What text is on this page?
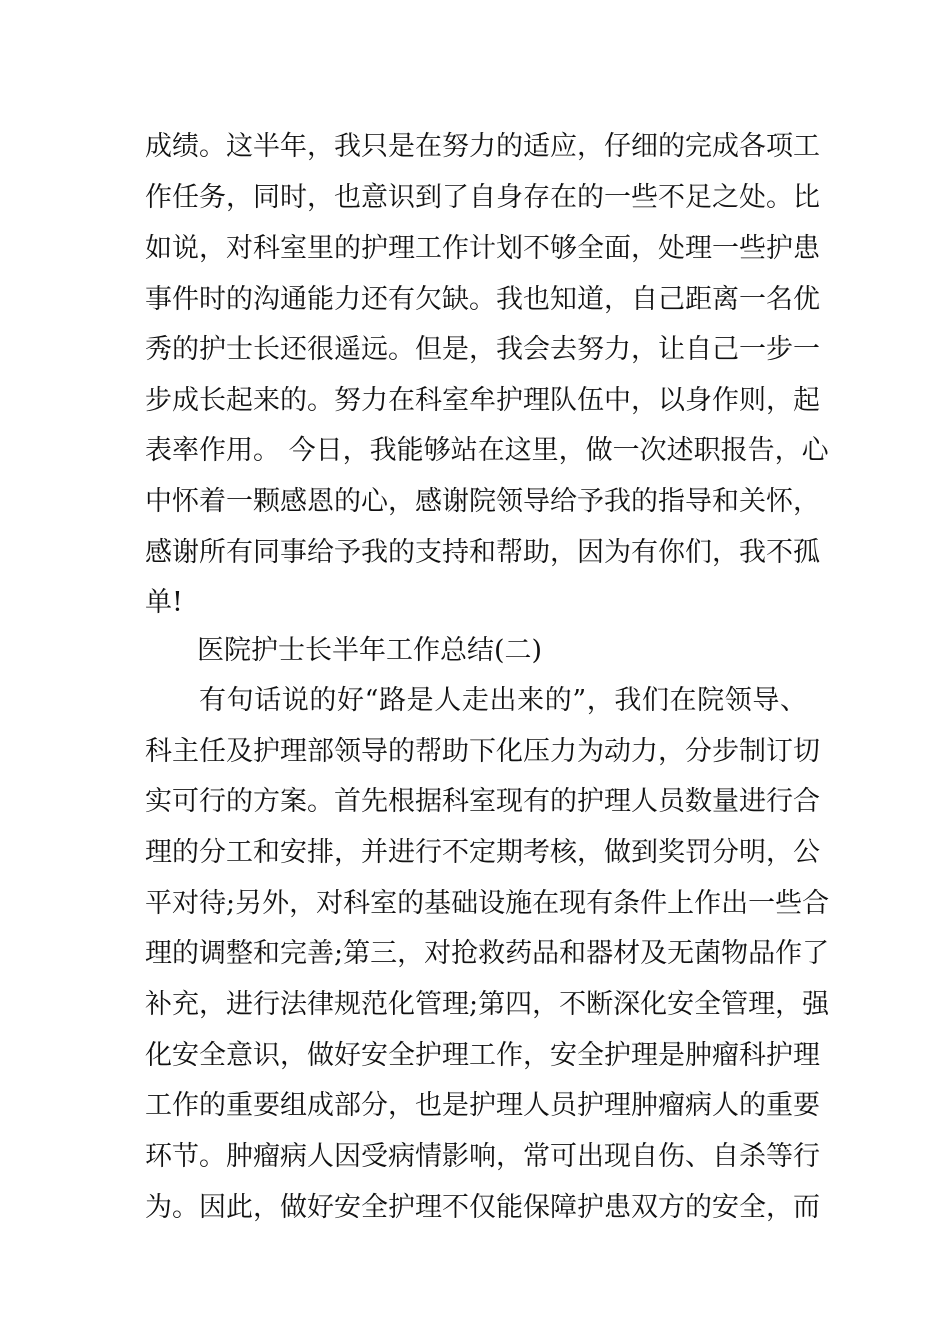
成绩。这半年，我只是在努力的适应，仔细的完成各项工
作任务，同时，也意识到了自身存在的一些不足之处。比
如说，对科室里的护理工作计划不够全面，处理一些护患
事件时的沟通能力还有欠缺。我也知道，自己距离一名优
秀的护士长还很遥远。但是，我会去努力，让自己一步一
步成长起来的。努力在科室牟护理队伍中，以身作则，起
表率作用。 今日，我能够站在这里，做一次述职报告，心
中怀着一颗感恩的心，感谢院领导给予我的指导和关怀，
感谢所有同事给予我的支持和帮助，因为有你们，我不孤
单!
医院护士长半年工作总结(二)
有句话说的好“路是人走出来的”，我们在院领导、
科主任及护理部领导的帮助下化压力为动力，分步制订切
实可行的方案。首先根据科室现有的护理人员数量进行合
理的分工和安排，并进行不定期考核，做到奖罚分明，公
平对待;另外，对科室的基础设施在现有条件上作出一些合
理的调整和完善;第三，对抢救药品和器材及无菌物品作了
补充，进行法律规范化管理;第四，不断深化安全管理，强
化安全意识，做好安全护理工作，安全护理是肿瘤科护理
工作的重要组成部分，也是护理人员护理肿瘤病人的重要
环节。肿瘤病人因受病情影响，常可出现自伤、自杀等行
为。因此，做好安全护理不仅能保障护患双方的安全，而
